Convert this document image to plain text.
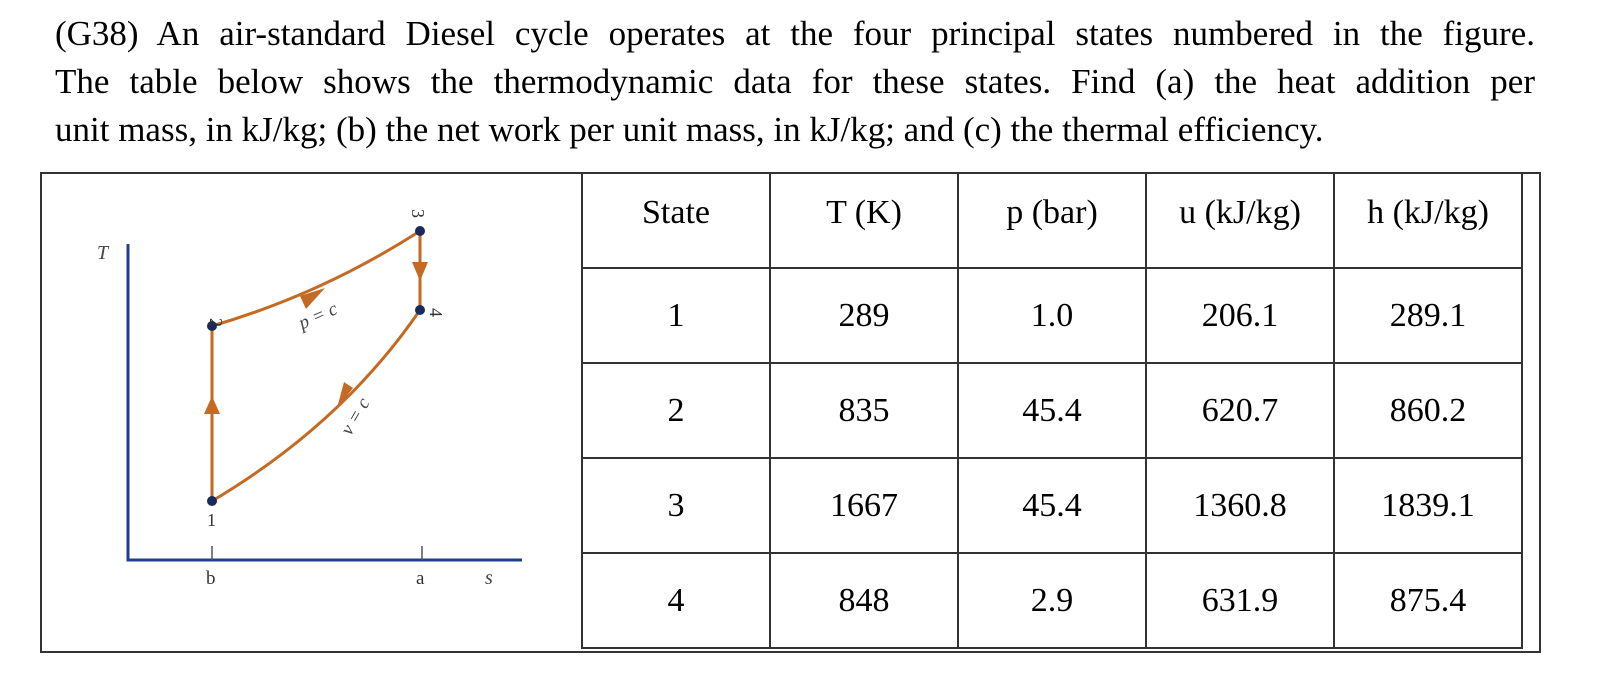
(G38) An air-standard Diesel cycle operates at the four principal states numbered in the figure.
The table below shows the thermodynamic data for these states. Find (a) the heat addition per
unit mass, in kJ/kg; (b) the net work per unit mass, in kJ/kg; and (c) the thermal efficiency.

T
s
b	a
1
2
3
4
p = c
v = c
State	T (K)	p (bar)	u (kJ/kg)	h (kJ/kg)
1	289	1.0	206.1	289.1
2	835	45.4	620.7	860.2
3	1667	45.4	1360.8	1839.1
4	848	2.9	631.9	875.4
